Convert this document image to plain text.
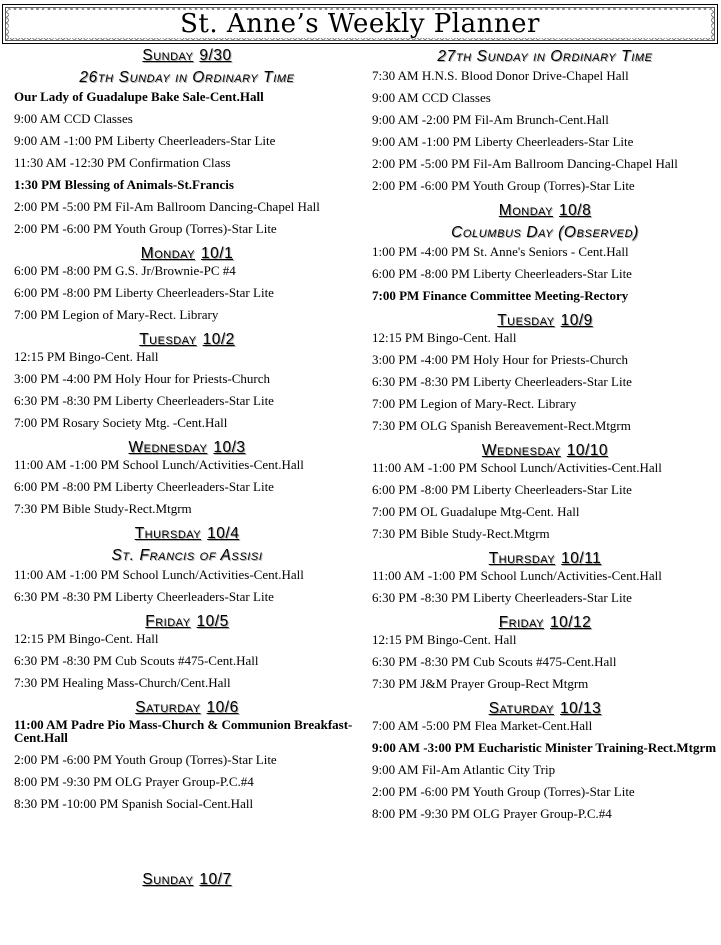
St. Anne’s Weekly Planner
Sunday 9/30
26th Sunday in Ordinary Time
Our Lady of Guadalupe Bake Sale-Cent.Hall
9:00 AM CCD Classes
9:00 AM -1:00 PM Liberty Cheerleaders-Star Lite
11:30 AM -12:30 PM Confirmation Class
1:30 PM Blessing of Animals-St.Francis
2:00 PM -5:00 PM Fil-Am Ballroom Dancing-Chapel Hall
2:00 PM -6:00 PM Youth Group (Torres)-Star Lite
Monday 10/1
6:00 PM -8:00 PM G.S. Jr/Brownie-PC #4
6:00 PM -8:00 PM Liberty Cheerleaders-Star Lite
7:00 PM Legion of Mary-Rect. Library
Tuesday 10/2
12:15 PM Bingo-Cent. Hall
3:00 PM -4:00 PM Holy Hour for Priests-Church
6:30 PM -8:30 PM Liberty Cheerleaders-Star Lite
7:00 PM Rosary Society Mtg. -Cent.Hall
Wednesday 10/3
11:00 AM -1:00 PM School Lunch/Activities-Cent.Hall
6:00 PM -8:00 PM Liberty Cheerleaders-Star Lite
7:30 PM Bible Study-Rect.Mtgrm
Thursday 10/4
St. Francis of Assisi
11:00 AM -1:00 PM School Lunch/Activities-Cent.Hall
6:30 PM -8:30 PM Liberty Cheerleaders-Star Lite
Friday 10/5
12:15 PM Bingo-Cent. Hall
6:30 PM -8:30 PM Cub Scouts #475-Cent.Hall
7:30 PM Healing Mass-Church/Cent.Hall
Saturday 10/6
11:00 AM Padre Pio Mass-Church & Communion Breakfast- Cent.Hall
2:00 PM -6:00 PM Youth Group (Torres)-Star Lite
8:00 PM -9:30 PM OLG Prayer Group-P.C.#4
8:30 PM -10:00 PM Spanish Social-Cent.Hall
Sunday 10/7
27th Sunday in Ordinary Time
7:30 AM H.N.S. Blood Donor Drive-Chapel Hall
9:00 AM CCD Classes
9:00 AM -2:00 PM Fil-Am Brunch-Cent.Hall
9:00 AM -1:00 PM Liberty Cheerleaders-Star Lite
2:00 PM -5:00 PM Fil-Am Ballroom Dancing-Chapel Hall
2:00 PM -6:00 PM Youth Group (Torres)-Star Lite
Monday 10/8
Columbus Day (Observed)
1:00 PM -4:00 PM St. Anne's Seniors - Cent.Hall
6:00 PM -8:00 PM Liberty Cheerleaders-Star Lite
7:00 PM Finance Committee Meeting-Rectory
Tuesday 10/9
12:15 PM Bingo-Cent. Hall
3:00 PM -4:00 PM Holy Hour for Priests-Church
6:30 PM -8:30 PM Liberty Cheerleaders-Star Lite
7:00 PM Legion of Mary-Rect. Library
7:30 PM OLG Spanish Bereavement-Rect.Mtgrm
Wednesday 10/10
11:00 AM -1:00 PM School Lunch/Activities-Cent.Hall
6:00 PM -8:00 PM Liberty Cheerleaders-Star Lite
7:00 PM OL Guadalupe Mtg-Cent. Hall
7:30 PM Bible Study-Rect.Mtgrm
Thursday 10/11
11:00 AM -1:00 PM School Lunch/Activities-Cent.Hall
6:30 PM -8:30 PM Liberty Cheerleaders-Star Lite
Friday 10/12
12:15 PM Bingo-Cent. Hall
6:30 PM -8:30 PM Cub Scouts #475-Cent.Hall
7:30 PM J&M Prayer Group-Rect Mtgrm
Saturday 10/13
7:00 AM -5:00 PM Flea Market-Cent.Hall
9:00 AM -3:00 PM Eucharistic Minister Training-Rect.Mtgrm
9:00 AM Fil-Am Atlantic City Trip
2:00 PM -6:00 PM Youth Group (Torres)-Star Lite
8:00 PM -9:30 PM OLG Prayer Group-P.C.#4
